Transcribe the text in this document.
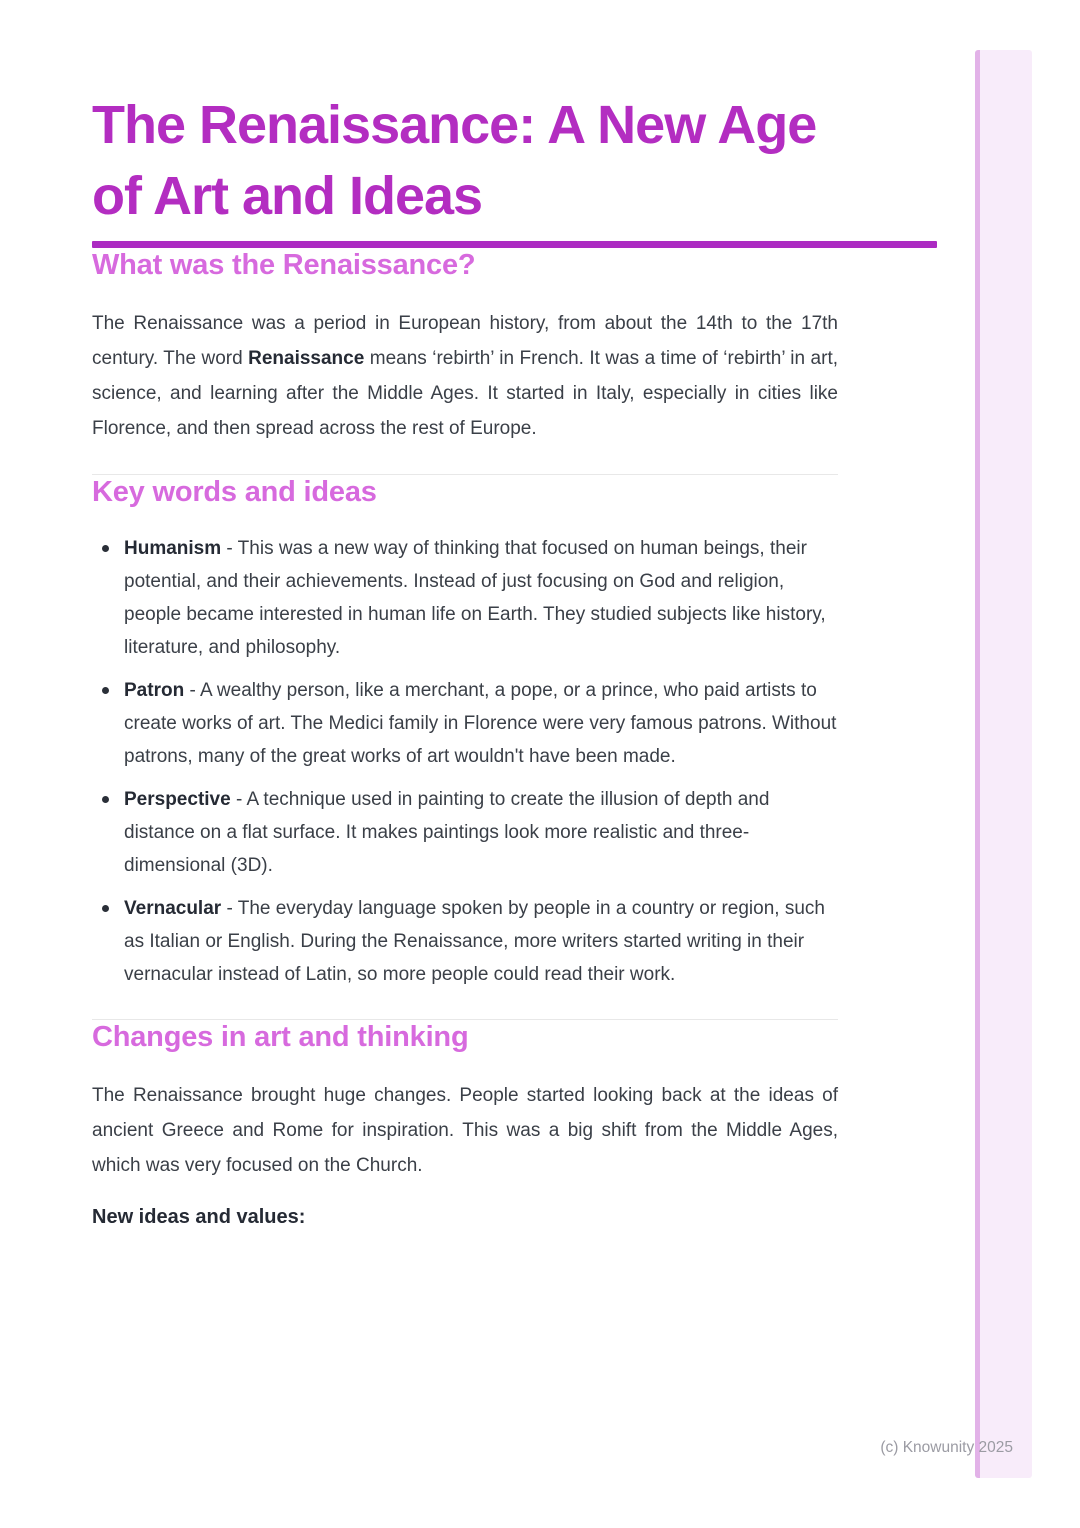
The Renaissance: A New Age
of Art and Ideas
What was the Renaissance?

The Renaissance was a period in European history, from about the 14th to the 17th century. The word Renaissance means ‘rebirth’ in French. It was a time of ‘rebirth’ in art, science, and learning after the Middle Ages. It started in Italy, especially in cities like Florence, and then spread across the rest of Europe.

Key words and ideas
Humanism - This was a new way of thinking that focused on human beings, their potential, and their achievements. Instead of just focusing on God and religion, people became interested in human life on Earth. They studied subjects like history, literature, and philosophy.
Patron - A wealthy person, like a merchant, a pope, or a prince, who paid artists to create works of art. The Medici family in Florence were very famous patrons. Without patrons, many of the great works of art wouldn't have been made.
Perspective - A technique used in painting to create the illusion of depth and distance on a flat surface. It makes paintings look more realistic and three-dimensional (3D).
Vernacular - The everyday language spoken by people in a country or region, such as Italian or English. During the Renaissance, more writers started writing in their vernacular instead of Latin, so more people could read their work.
Changes in art and thinking

The Renaissance brought huge changes. People started looking back at the ideas of ancient Greece and Rome for inspiration. This was a big shift from the Middle Ages, which was very focused on the Church.

New ideas and values:

(c) Knowunity 2025
